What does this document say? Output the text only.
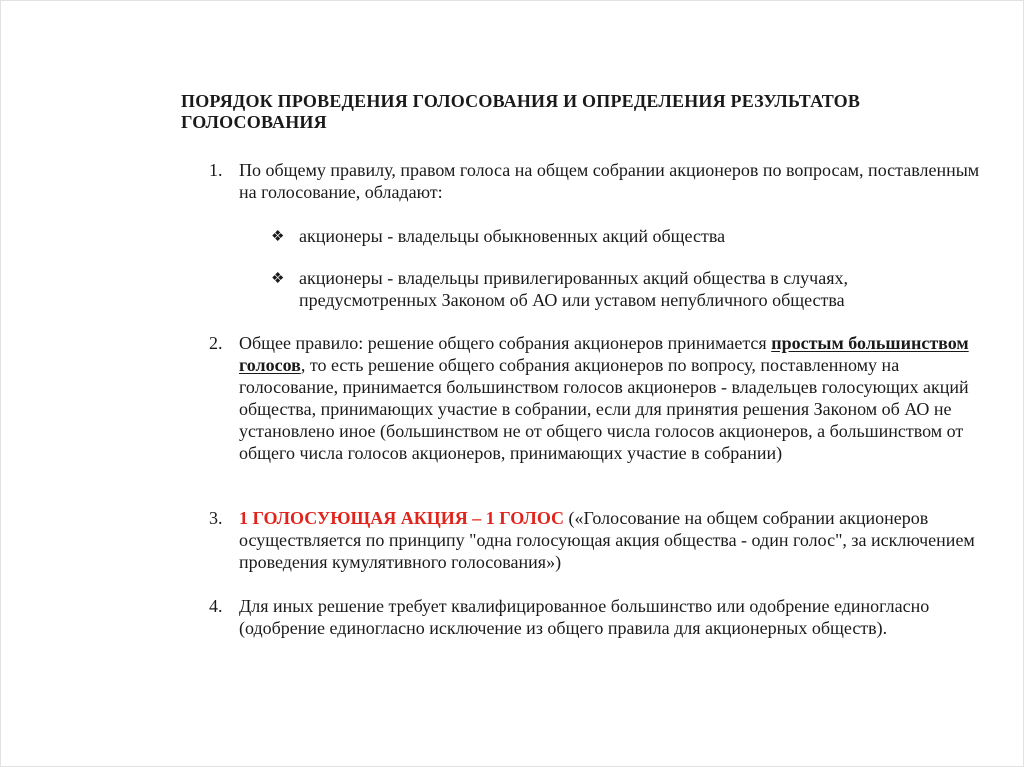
ПОРЯДОК ПРОВЕДЕНИЯ ГОЛОСОВАНИЯ И ОПРЕДЕЛЕНИЯ РЕЗУЛЬТАТОВ ГОЛОСОВАНИЯ
1. По общему правилу, правом голоса на общем собрании акционеров по вопросам, поставленным на голосование, обладают:
❖ акционеры - владельцы обыкновенных акций общества
❖ акционеры - владельцы привилегированных акций общества в случаях, предусмотренных Законом об АО или уставом непубличного общества
2. Общее правило: решение общего собрания акционеров принимается простым большинством голосов, то есть решение общего собрания акционеров по вопросу, поставленному на голосование, принимается большинством голосов акционеров - владельцев голосующих акций общества, принимающих участие в собрании, если для принятия решения Законом об АО не установлено иное (большинством не от общего числа голосов акционеров, а большинством от общего числа голосов акционеров, принимающих участие в собрании)
3. 1 ГОЛОСУЮЩАЯ АКЦИЯ – 1 ГОЛОС («Голосование на общем собрании акционеров осуществляется по принципу "одна голосующая акция общества - один голос", за исключением проведения кумулятивного голосования»)
4. Для иных решение требует квалифицированное большинство или одобрение единогласно (одобрение единогласно исключение из общего правила для акционерных обществ).
